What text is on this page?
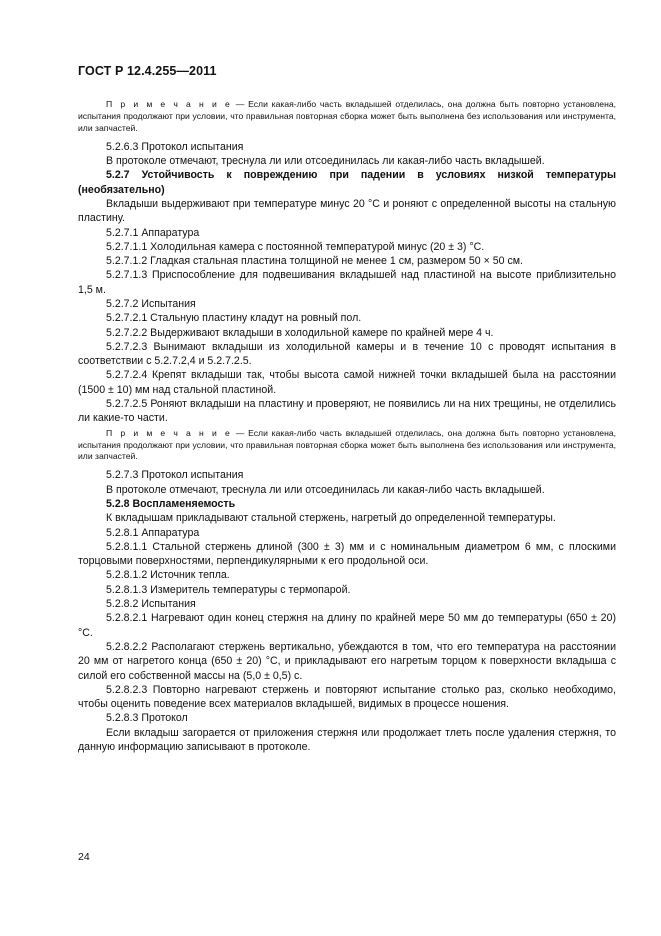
ГОСТ Р 12.4.255—2011

П р и м е ч а н и е — Если какая-либо часть вкладышей отделилась, она должна быть повторно установлена, испытания продолжают при условии, что правильная повторная сборка может быть выполнена без использования или инструмента, или запчастей.

5.2.6.3 Протокол испытания

В протоколе отмечают, треснула ли или отсоединилась ли какая-либо часть вкладышей.

5.2.7 Устойчивость к повреждению при падении в условиях низкой температуры (необязательно)

Вкладыши выдерживают при температуре минус 20 °С и роняют с определенной высоты на стальную пластину.

5.2.7.1 Аппаратура

5.2.7.1.1 Холодильная камера с постоянной температурой минус (20 ± 3) °С.

5.2.7.1.2 Гладкая стальная пластина толщиной не менее 1 см, размером 50 × 50 см.

5.2.7.1.3 Приспособление для подвешивания вкладышей над пластиной на высоте приблизительно 1,5 м.

5.2.7.2 Испытания

5.2.7.2.1 Стальную пластину кладут на ровный пол.

5.2.7.2.2 Выдерживают вкладыши в холодильной камере по крайней мере 4 ч.

5.2.7.2.3 Вынимают вкладыши из холодильной камеры и в течение 10 с проводят испытания в соответствии с 5.2.7.2,4 и 5.2.7.2.5.

5.2.7.2.4 Крепят вкладыши так, чтобы высота самой нижней точки вкладышей была на расстоянии (1500 ± 10) мм над стальной пластиной.

5.2.7.2.5 Роняют вкладыши на пластину и проверяют, не появились ли на них трещины, не отделились ли какие-то части.

П р и м е ч а н и е — Если какая-либо часть вкладышей отделилась, она должна быть повторно установлена, испытания продолжают при условии, что правильная повторная сборка может быть выполнена без использования или инструмента, или запчастей.

5.2.7.3 Протокол испытания

В протоколе отмечают, треснула ли или отсоединилась ли какая-либо часть вкладышей.

5.2.8 Воспламеняемость

К вкладышам прикладывают стальной стержень, нагретый до определенной температуры.

5.2.8.1 Аппаратура

5.2.8.1.1 Стальной стержень длиной (300 ± 3) мм и с номинальным диаметром 6 мм, с плоскими торцовыми поверхностями, перпендикулярными к его продольной оси.

5.2.8.1.2 Источник тепла.

5.2.8.1.3 Измеритель температуры с термопарой.

5.2.8.2 Испытания

5.2.8.2.1 Нагревают один конец стержня на длину по крайней мере 50 мм до температуры (650 ± 20) °С.

5.2.8.2.2 Располагают стержень вертикально, убеждаются в том, что его температура на расстоянии 20 мм от нагретого конца (650 ± 20) °С, и прикладывают его нагретым торцом к поверхности вкладыша с силой его собственной массы на (5,0 ± 0,5) с.

5.2.8.2.3 Повторно нагревают стержень и повторяют испытание столько раз, сколько необходимо, чтобы оценить поведение всех материалов вкладышей, видимых в процессе ношения.

5.2.8.3 Протокол

Если вкладыш загорается от приложения стержня или продолжает тлеть после удаления стержня, то данную информацию записывают в протоколе.

24
